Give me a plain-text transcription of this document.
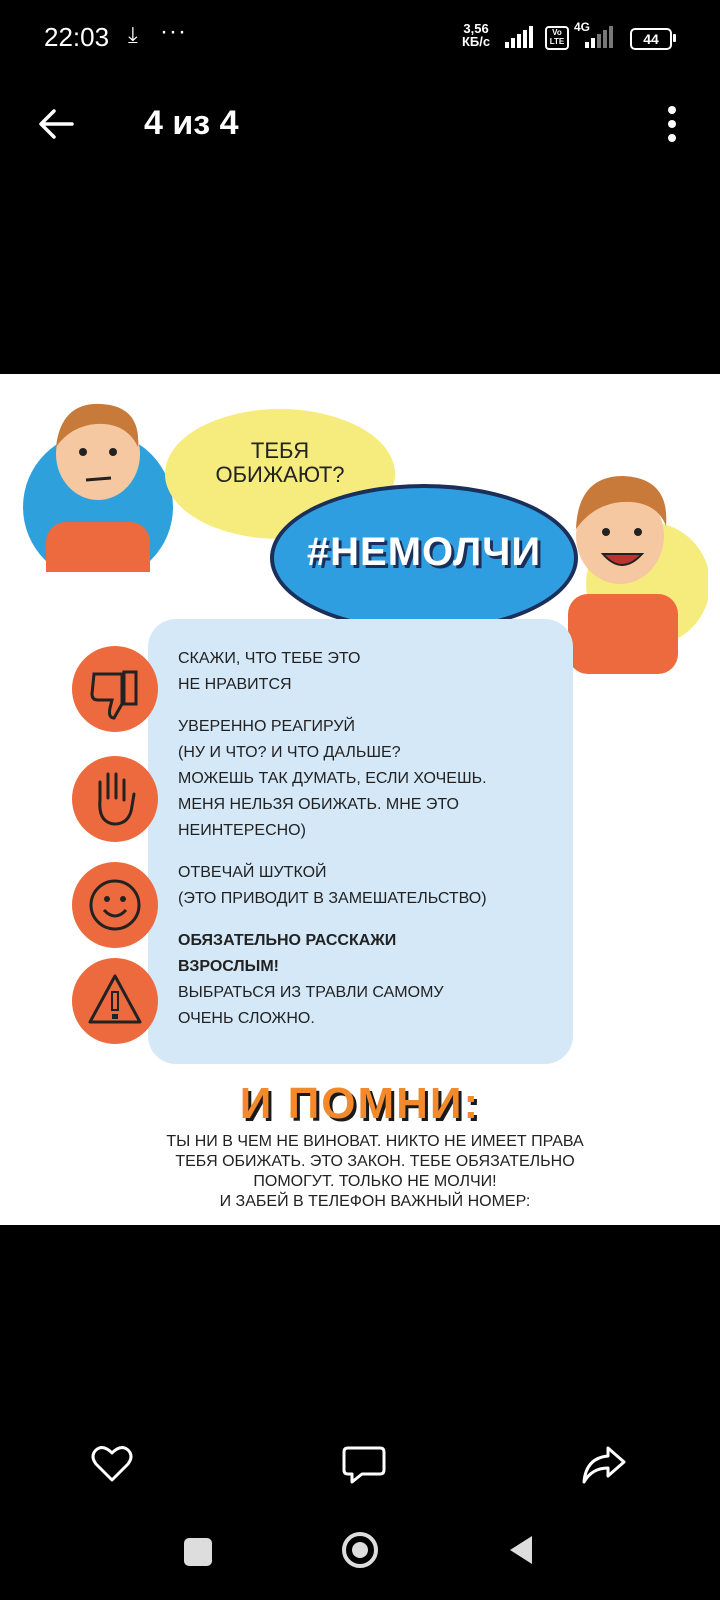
22:03 ⤓ ···	3,56
КБ/с
Vo LTE
4G
44
4 из 4
ТЕБЯ ОБИЖАЮТ?
#НЕМОЛЧИ
СКАЖИ, ЧТО ТЕБЕ ЭТО
НЕ НРАВИТСЯ
УВЕРЕННО РЕАГИРУЙ
(НУ И ЧТО? И ЧТО ДАЛЬШЕ?
МОЖЕШЬ ТАК ДУМАТЬ, ЕСЛИ ХОЧЕШЬ.
МЕНЯ НЕЛЬЗЯ ОБИЖАТЬ. МНЕ ЭТО
НЕИНТЕРЕСНО)
ОТВЕЧАЙ ШУТКОЙ
(ЭТО ПРИВОДИТ В ЗАМЕШАТЕЛЬСТВО)
ОБЯЗАТЕЛЬНО РАССКАЖИ
ВЗРОСЛЫМ!
ВЫБРАТЬСЯ ИЗ ТРАВЛИ САМОМУ
ОЧЕНЬ СЛОЖНО.
И ПОМНИ:
ТЫ НИ В ЧЕМ НЕ ВИНОВАТ. НИКТО НЕ ИМЕЕТ ПРАВА
ТЕБЯ ОБИЖАТЬ. ЭТО ЗАКОН. ТЕБЕ ОБЯЗАТЕЛЬНО
ПОМОГУТ. ТОЛЬКО НЕ МОЛЧИ!
И ЗАБЕЙ В ТЕЛЕФОН ВАЖНЫЙ НОМЕР:
